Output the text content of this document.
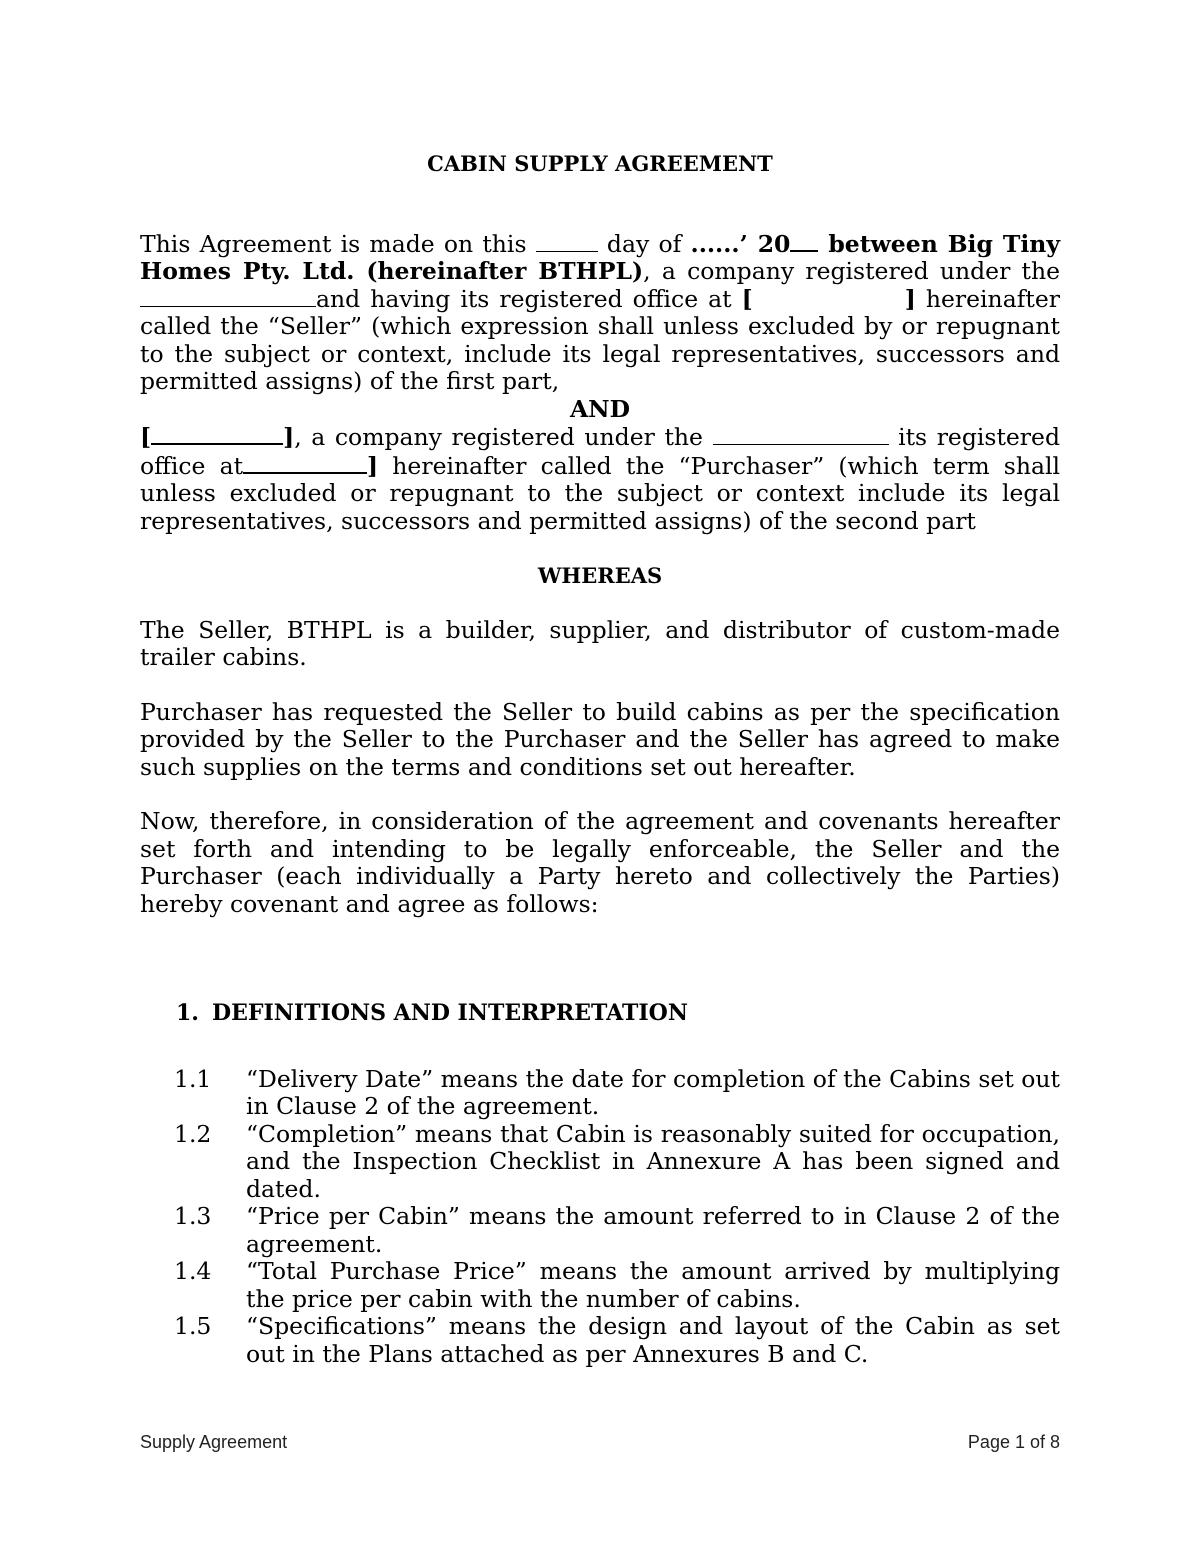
CABIN SUPPLY AGREEMENT

This Agreement is made on this	day of ......’ 20 between Big Tiny Homes Pty. Ltd. (hereinafter BTHPL), a company registered under the and having its registered office at [	] hereinafter called the “Seller” (which expression shall unless excluded by or repugnant to the subject or context, include its legal representatives, successors and permitted assigns) of the first part,

AND

[	], a company registered under the	its registered office at	] hereinafter called the “Purchaser” (which term shall unless excluded or repugnant to the subject or context include its legal representatives, successors and permitted assigns) of the second part

WHEREAS

The Seller, BTHPL is a builder, supplier, and distributor of custom-made trailer cabins.

Purchaser has requested the Seller to build cabins as per the specification provided by the Seller to the Purchaser and the Seller has agreed to make such supplies on the terms and conditions set out hereafter.

Now, therefore, in consideration of the agreement and covenants hereafter set forth and intending to be legally enforceable, the Seller and the Purchaser (each individually a Party hereto and collectively the Parties) hereby covenant and agree as follows:

1. DEFINITIONS AND INTERPRETATION

1.1	“Delivery Date” means the date for completion of the Cabins set out in Clause 2 of the agreement.
1.2	“Completion” means that Cabin is reasonably suited for occupation, and the Inspection Checklist in Annexure A has been signed and dated.
1.3	“Price per Cabin” means the amount referred to in Clause 2 of the agreement.
1.4	“Total Purchase Price” means the amount arrived by multiplying the price per cabin with the number of cabins.
1.5	“Specifications” means the design and layout of the Cabin as set out in the Plans attached as per Annexures B and C.
Supply Agreement	Page 1 of 8
